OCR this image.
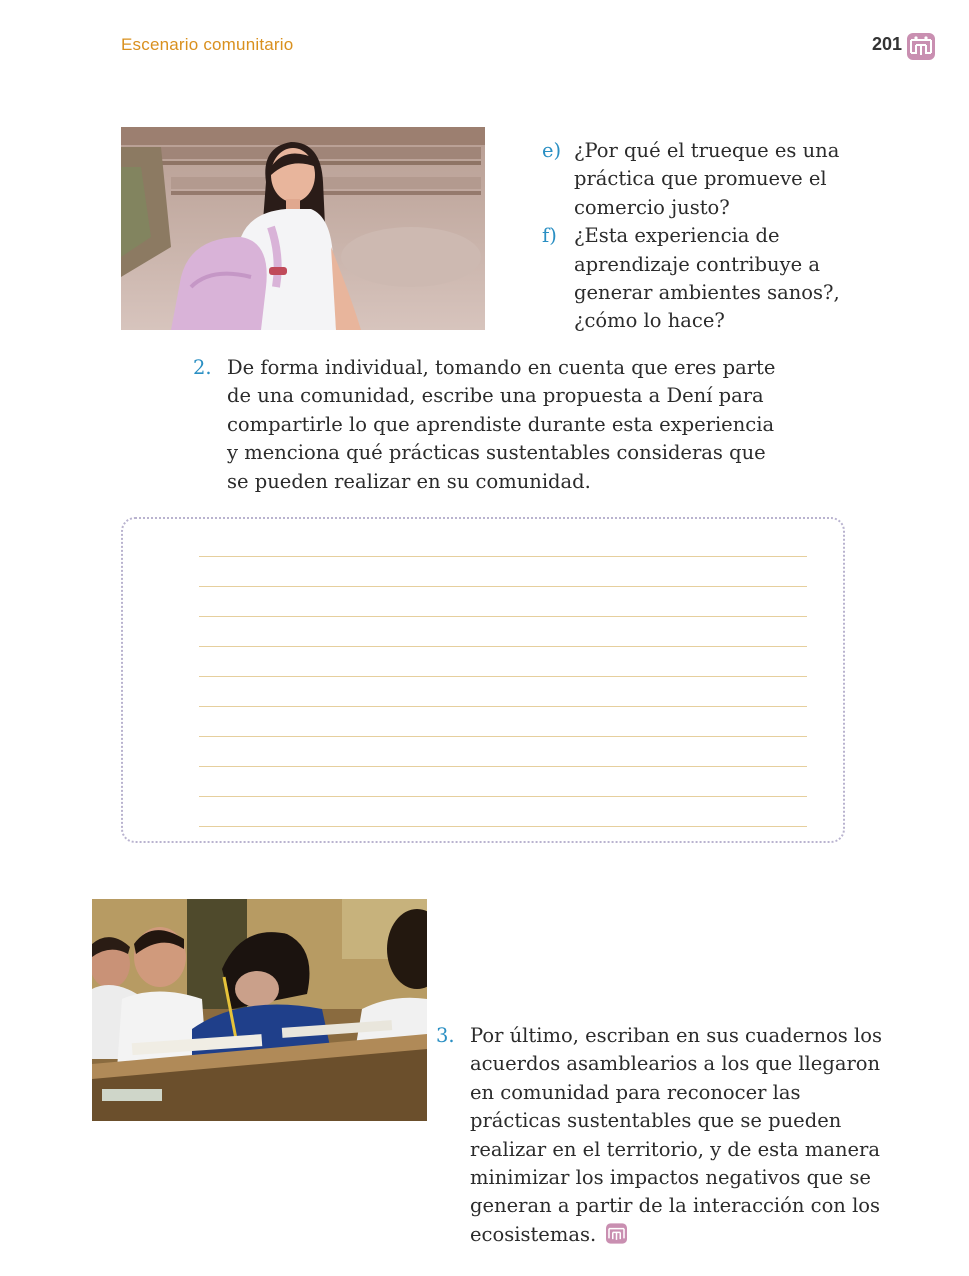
Escenario comunitario	201
e) ¿Por qué el trueque es una práctica que promueve el comercio justo?
f) ¿Esta experiencia de aprendizaje contribuye a generar ambientes sanos?, ¿cómo lo hace?
2. De forma individual, tomando en cuenta que eres parte de una comunidad, escribe una propuesta a Dení para compartirle lo que aprendiste durante esta experiencia y menciona qué prácticas sustentables consideras que se pueden realizar en su comunidad.
3. Por último, escriban en sus cuadernos los acuerdos asamblearios a los que llegaron en comunidad para reconocer las prácticas sustentables que se pueden realizar en el territorio, y de esta manera minimizar los impactos negativos que se generan a partir de la interacción con los ecosistemas.
